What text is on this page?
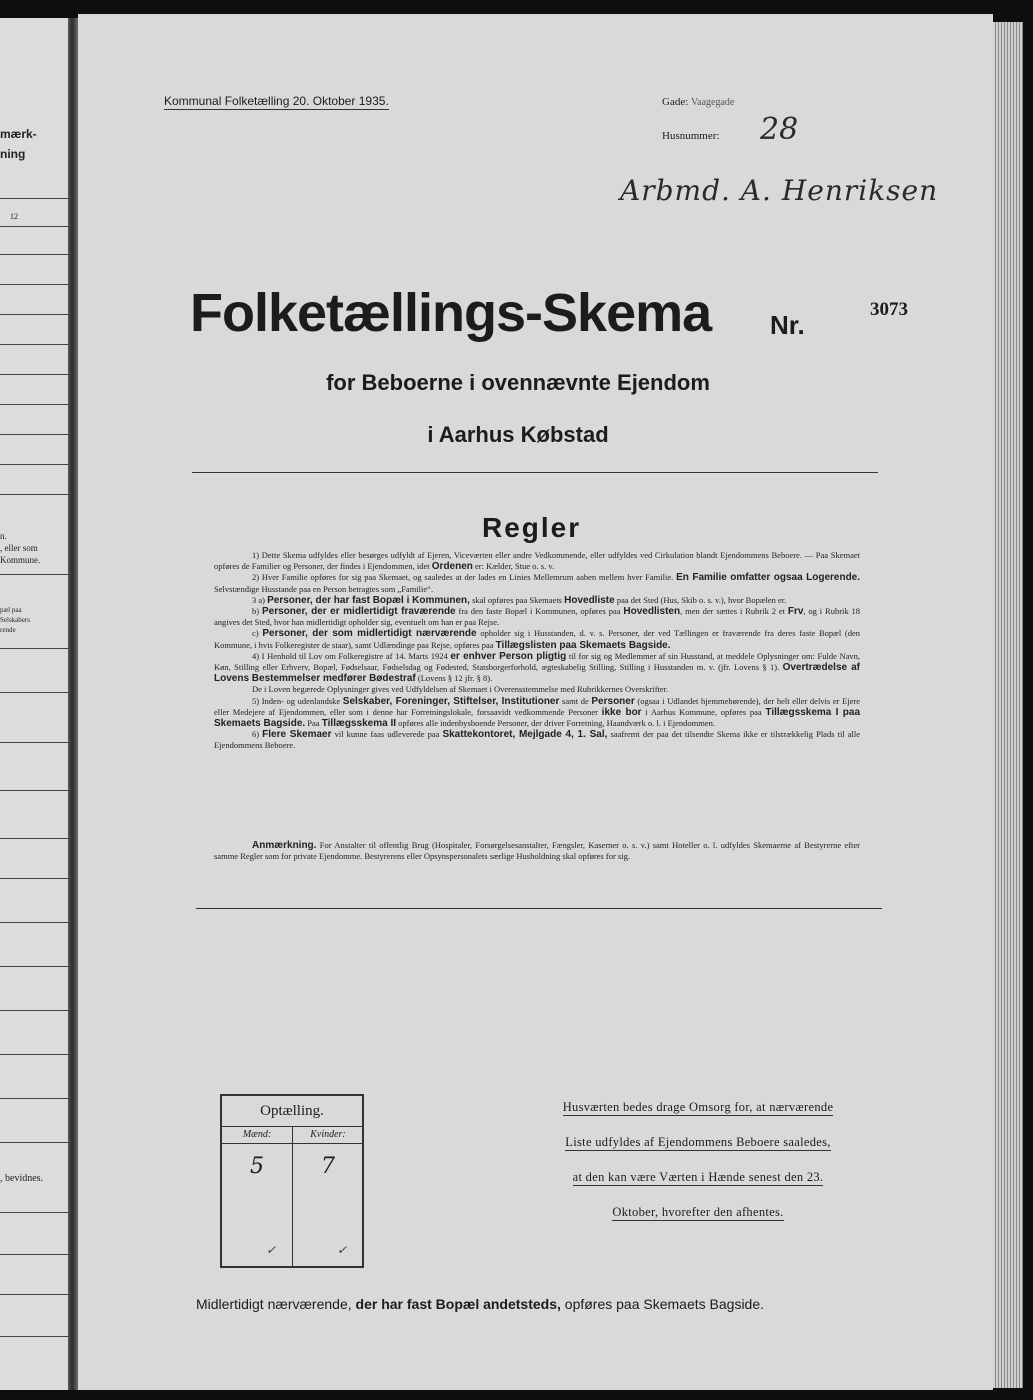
mærk-
ning
12
n.
, eller som
Kommune.
pæl paa
Selskabers
rende
, bevidnes.
Kommunal Folketælling 20. Oktober 1935.	Gade: Vaagegade
Husnummer: 28
Arbmd. A. Henriksen
Folketællings-Skema Nr.
3073
for Beboerne i ovennævnte Ejendom
i Aarhus Købstad
Regler

1) Dette Skema udfyldes eller besørges udfyldt af Ejeren, Viceværten eller andre Vedkommende, eller udfyldes ved Cirkulation blandt Ejendommens Beboere. — Paa Skemaet opføres de Familier og Personer, der findes i Ejendommen, idet Ordenen er: Kælder, Stue o. s. v.

2) Hver Familie opføres for sig paa Skemaet, og saaledes at der lades en Linies Mellemrum aaben mellem hver Familie. En Familie omfatter ogsaa Logerende. Selvstændige Husstande paa en Person betragtes som „Familie“.

3 a) Personer, der har fast Bopæl i Kommunen, skal opføres paa Skemaets Hovedliste paa det Sted (Hus, Skib o. s. v.), hvor Bopælen er.

b) Personer, der er midlertidigt fraværende fra den faste Bopæl i Kommunen, opføres paa Hovedlisten, men der sættes i Rubrik 2 et Frv, og i Rubrik 18 angives det Sted, hvor han midlertidigt opholder sig, eventuelt om han er paa Rejse.

c) Personer, der som midlertidigt nærværende opholder sig i Husstanden, d. v. s. Personer, der ved Tællingen er fraværende fra deres faste Bopæl (den Kommune, i hvis Folkeregister de staar), samt Udlændinge paa Rejse, opføres paa Tillægslisten paa Skemaets Bagside.

4) I Henhold til Lov om Folkeregistre af 14. Marts 1924 er enhver Person pligtig til for sig og Medlemmer af sin Husstand, at meddele Oplysninger om: Fulde Navn, Køn, Stilling eller Erhverv, Bopæl, Fødselsaar, Fødselsdag og Fødested, Statsborgerforhold, ægteskabelig Stilling, Stilling i Husstanden m. v. (jfr. Lovens § 1). Overtrædelse af Lovens Bestemmelser medfører Bødestraf (Lovens § 12 jfr. § 8).

De i Loven begærede Oplysninger gives ved Udfyldelsen af Skemaet i Overensstemmelse med Rubrikkernes Overskrifter.

5) Inden- og udenlandske Selskaber, Foreninger, Stiftelser, Institutioner samt de Personer (ogsaa i Udlandet hjemmehørende), der helt eller delvis er Ejere eller Medejere af Ejendommen, eller som i denne har Forretningslokale, forsaavidt vedkommende Personer ikke bor i Aarhus Kommune, opføres paa Tillægsskema I paa Skemaets Bagside. Paa Tillægsskema II opføres alle indenbysboende Personer, der driver Forretning, Haandværk o. l. i Ejendommen.

6) Flere Skemaer vil kunne faas udleverede paa Skattekontoret, Mejlgade 4, 1. Sal, saafremt der paa det tilsendte Skema ikke er tilstrækkelig Plads til alle Ejendommens Beboere.

Anmærkning. For Anstalter til offentlig Brug (Hospitaler, Forsørgelsesanstalter, Fængsler, Kaserner o. s. v.) samt Hoteller o. l. udfyldes Skemaerne af Bestyrerne efter samme Regler som for private Ejendomme. Bestyrerens eller Opsynspersonalets særlige Husholdning skal opføres for sig.
Optælling.
Mænd:
5
✓
Kvinder:
7
✓
Husværten bedes drage Omsorg for, at nærværende
Liste udfyldes af Ejendommens Beboere saaledes,
at den kan være Værten i Hænde senest den 23.
Oktober, hvorefter den afhentes.
Midlertidigt nærværende, der har fast Bopæl andetsteds, opføres paa Skemaets Bagside.
